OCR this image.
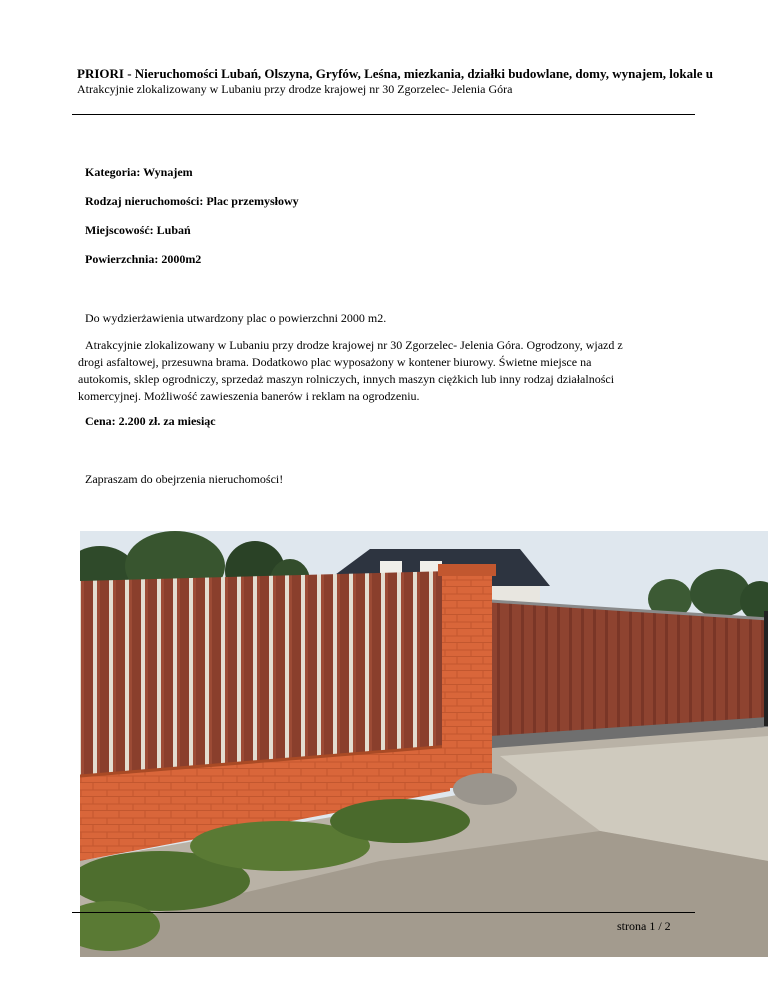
PRIORI - Nieruchomości Lubań, Olszyna, Gryfów, Leśna, miezkania, działki budowlane, domy, wynajem, lokale u
Atrakcyjnie zlokalizowany w Lubaniu przy drodze krajowej nr 30 Zgorzelec- Jelenia Góra
Kategoria: Wynajem
Rodzaj nieruchomości: Plac przemysłowy
Miejscowość: Lubań
Powierzchnia: 2000m2
Do wydzierżawienia utwardzony plac o powierzchni 2000 m2.
Atrakcyjnie zlokalizowany w Lubaniu przy drodze krajowej nr 30 Zgorzelec- Jelenia Góra. Ogrodzony, wjazd z
drogi asfaltowej, przesuwna brama. Dodatkowo plac wyposażony w kontener biurowy. Świetne miejsce na
autokomis, sklep ogrodniczy, sprzedaż maszyn rolniczych, innych maszyn ciężkich lub inny rodzaj działalności
komercyjnej. Możliwość zawieszenia banerów i reklam na ogrodzeniu.
Cena: 2.200 zł. za miesiąc
Zapraszam do obejrzenia nieruchomości!
strona 1 / 2
